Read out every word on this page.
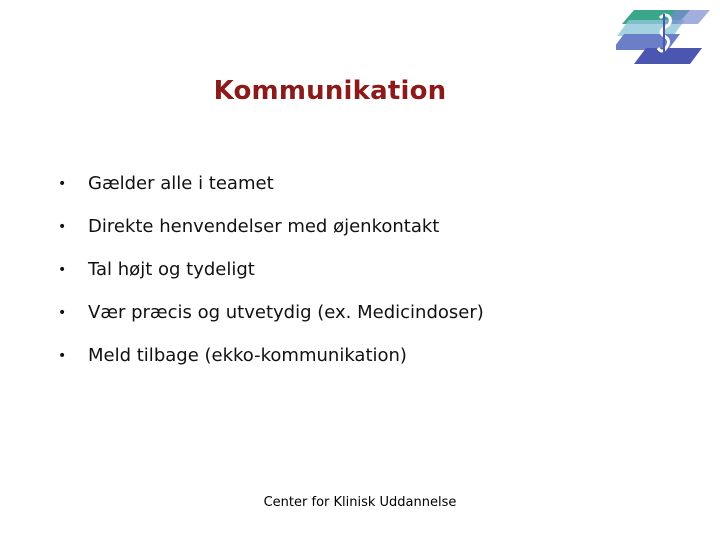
Kommunikation
• Gælder alle i teamet
• Direkte henvendelser med øjenkontakt
• Tal højt og tydeligt
• Vær præcis og utvetydig (ex. Medicindoser)
• Meld tilbage (ekko-kommunikation)
Center for Klinisk Uddannelse
